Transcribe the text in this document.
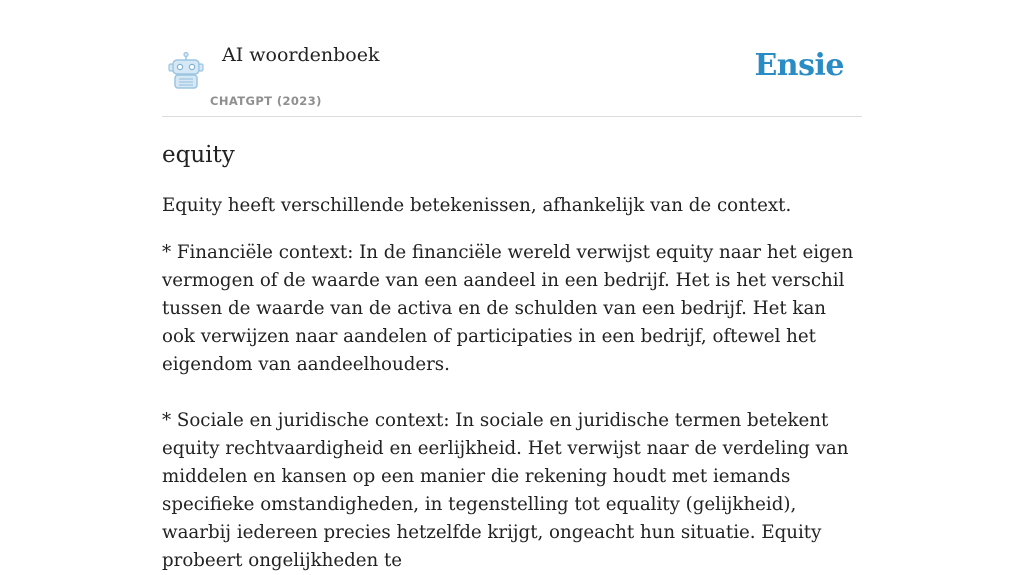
AI woordenboek
CHATGPT (2023)
Ensie
equity

Equity heeft verschillende betekenissen, afhankelijk van de context.

* Financiële context: In de financiële wereld verwijst equity naar het eigen vermogen of de waarde van een aandeel in een bedrijf. Het is het verschil tussen de waarde van de activa en de schulden van een bedrijf. Het kan ook verwijzen naar aandelen of participaties in een bedrijf, oftewel het eigendom van aandeelhouders.

* Sociale en juridische context: In sociale en juridische termen betekent equity rechtvaardigheid en eerlijkheid. Het verwijst naar de verdeling van middelen en kansen op een manier die rekening houdt met iemands specifieke omstandigheden, in tegenstelling tot equality (gelijkheid), waarbij iedereen precies hetzelfde krijgt, ongeacht hun situatie. Equity probeert ongelijkheden te
